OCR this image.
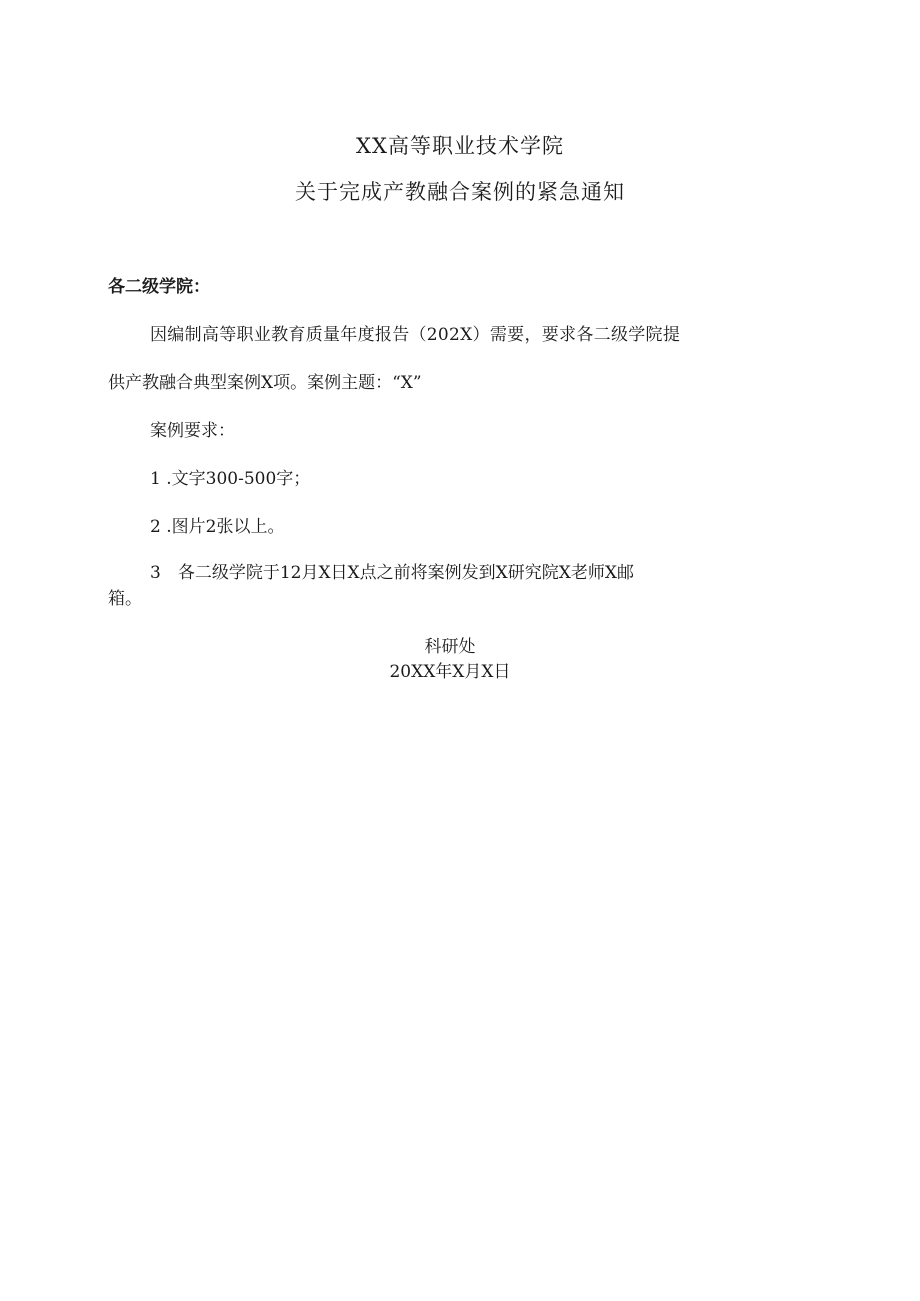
XX高等职业技术学院
关于完成产教融合案例的紧急通知
各二级学院：
因编制高等职业教育质量年度报告（202X）需要，要求各二级学院提
供产教融合典型案例X项。案例主题：“X”
案例要求：
1 .文字300-500字；
2 .图片2张以上。
3　各二级学院于12月X日X点之前将案例发到X研究院X老师X邮
箱。
科研处
20XX年X月X日
